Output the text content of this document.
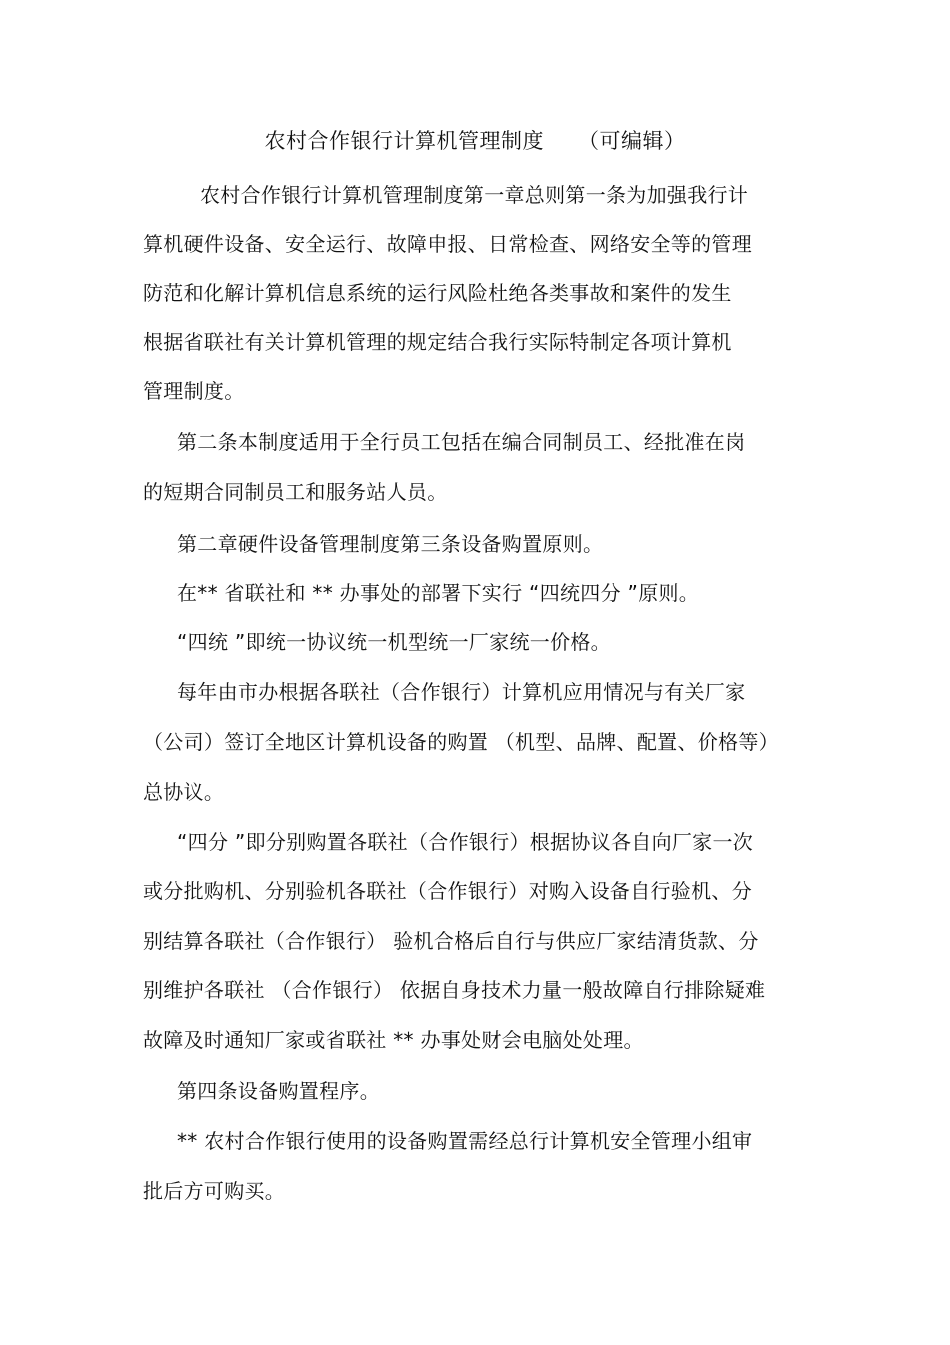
农村合作银行计算机管理制度 （可编辑）
农村合作银行计算机管理制度第一章总则第一条为加强我行计
算机硬件设备、安全运行、故障申报、日常检查、网络安全等的管理
防范和化解计算机信息系统的运行风险杜绝各类事故和案件的发生
根据省联社有关计算机管理的规定结合我行实际特制定各项计算机
管理制度。
第二条本制度适用于全行员工包括在编合同制员工、经批准在岗
的短期合同制员工和服务站人员。
第二章硬件设备管理制度第三条设备购置原则。
在** 省联社和 ** 办事处的部署下实行 “四统四分 ”原则。
“四统 ”即统一协议统一机型统一厂家统一价格。
每年由市办根据各联社（合作银行）计算机应用情况与有关厂家
（公司）签订全地区计算机设备的购置 （机型、品牌、配置、价格等）
总协议。
“四分 ”即分别购置各联社（合作银行）根据协议各自向厂家一次
或分批购机、分别验机各联社（合作银行）对购入设备自行验机、分
别结算各联社（合作银行） 验机合格后自行与供应厂家结清货款、分
别维护各联社 （合作银行） 依据自身技术力量一般故障自行排除疑难
故障及时通知厂家或省联社 ** 办事处财会电脑处处理。
第四条设备购置程序。
** 农村合作银行使用的设备购置需经总行计算机安全管理小组审
批后方可购买。
